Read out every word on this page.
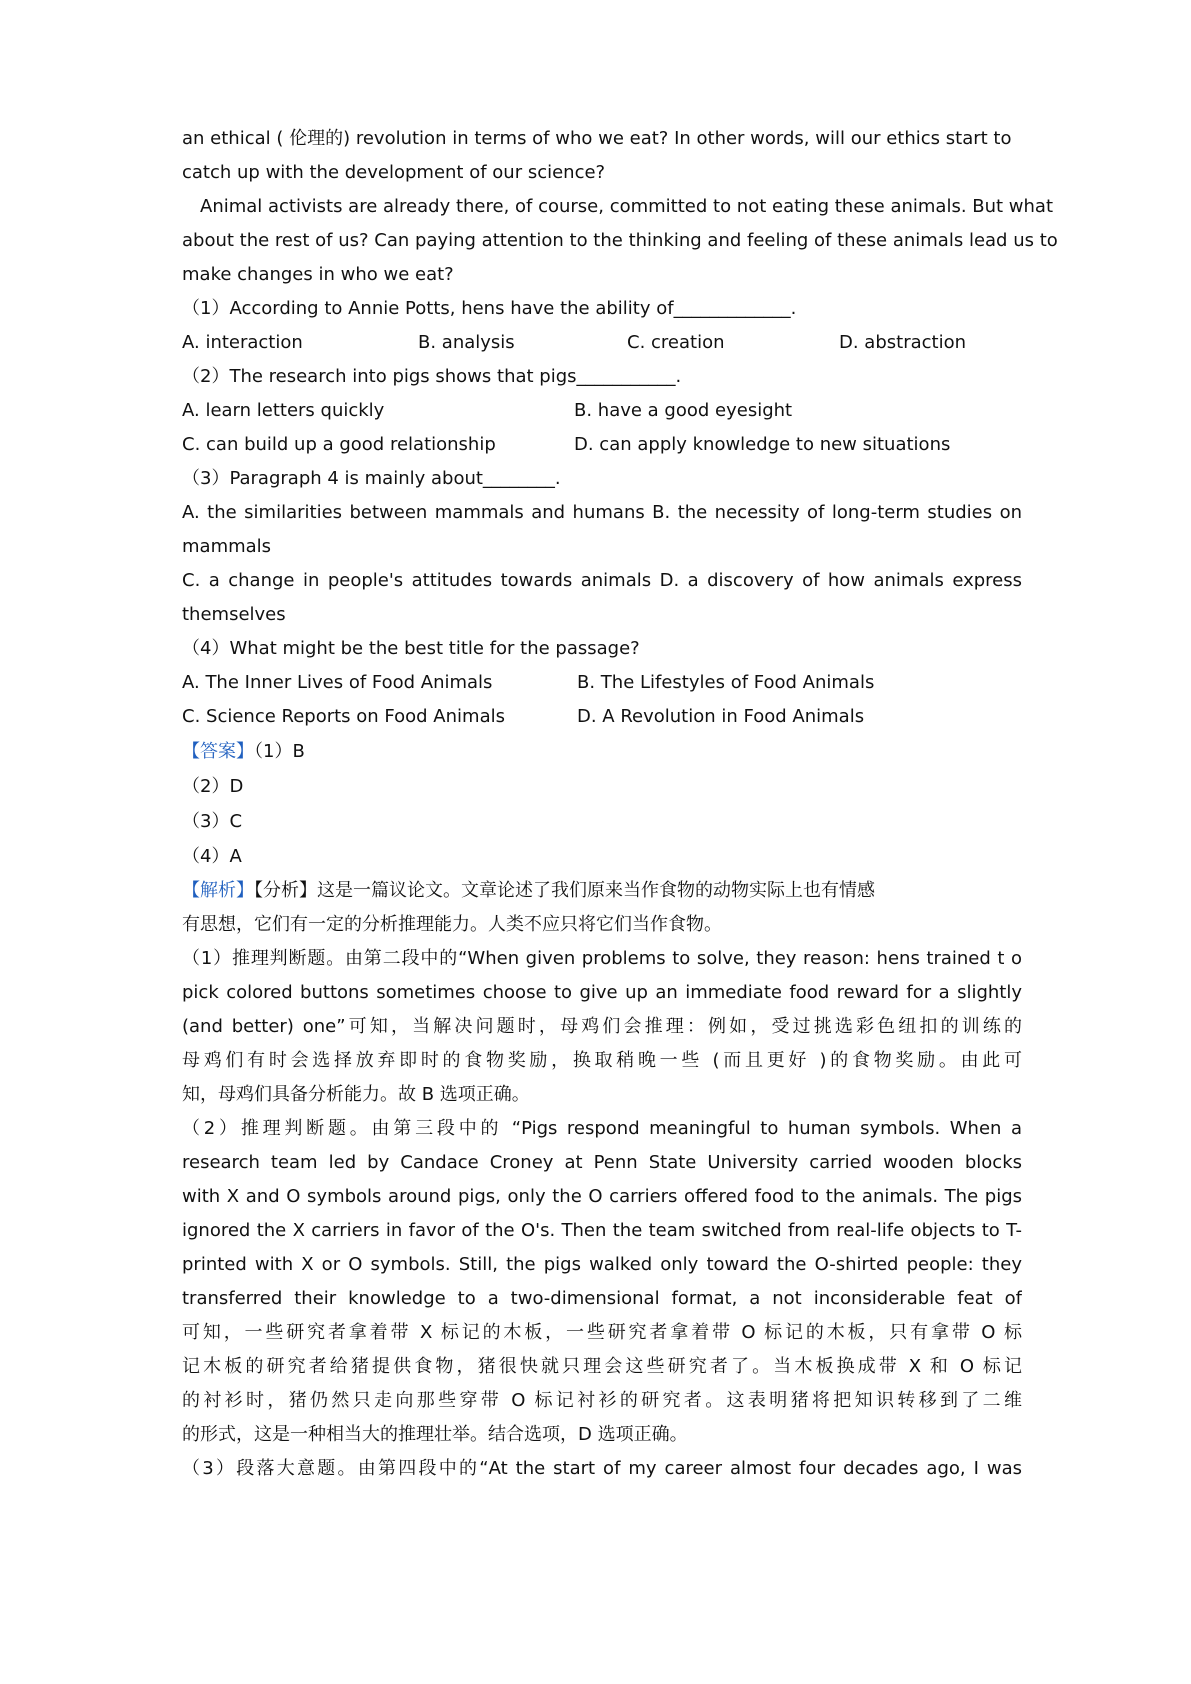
an ethical ( 伦理的) revolution in terms of who we eat? In other words, will our ethics start to
catch up with the development of our science?
Animal activists are already there, of course, committed to not eating these animals. But what
about the rest of us? Can paying attention to the thinking and feeling of these animals lead us to
make changes in who we eat?
（1）According to Annie Potts, hens have the ability of_____________.
A. interaction	B. analysis	C. creation	D. abstraction
（2）The research into pigs shows that pigs___________.
A. learn letters quickly	B. have a good eyesight
C. can build up a good relationship	D. can apply knowledge to new situations
（3）Paragraph 4 is mainly about________.
A. the similarities between mammals and humans B. the necessity of long-term studies on
mammals
C. a change in people's attitudes towards animals D. a discovery of how animals express
themselves
（4）What might be the best title for the passage?
A. The Inner Lives of Food Animals	B. The Lifestyles of Food Animals
C. Science Reports on Food Animals	D. A Revolution in Food Animals
【答案】（1）B
（2）D
（3）C
（4）A
【解析】【分析】这是一篇议论文。文章论述了我们原来当作食物的动物实际上也有情感
有思想，它们有一定的分析推理能力。人类不应只将它们当作食物。
（1）推理判断题。由第二段中的“When given problems to solve, they reason: hens trained t o
pick colored buttons sometimes choose to give up an immediate food reward for a slightly
(and better) one”可知，当解决问题时，母鸡们会推理：例如，受过挑选彩色纽扣的训练的
母鸡们有时会选择放弃即时的食物奖励，换取稍晚一些 (而且更好 )的食物奖励。由此可
知，母鸡们具备分析能力。故 B 选项正确。
（2）推理判断题。由第三段中的 “Pigs respond meaningful to human symbols. When a
research team led by Candace Croney at Penn State University carried wooden blocks
with X and O symbols around pigs, only the O carriers offered food to the animals. The pigs
ignored the X carriers in favor of the O's. Then the team switched from real-life objects to T-
printed with X or O symbols. Still, the pigs walked only toward the O-shirted people: they
transferred their knowledge to a two-dimensional format, a not inconsiderable feat of
可知，一些研究者拿着带 X 标记的木板，一些研究者拿着带 O 标记的木板，只有拿带 O 标
记木板的研究者给猪提供食物，猪很快就只理会这些研究者了。当木板换成带 X 和 O 标记
的衬衫时，猪仍然只走向那些穿带 O 标记衬衫的研究者。这表明猪将把知识转移到了二维
的形式，这是一种相当大的推理壮举。结合选项，D 选项正确。
（3）段落大意题。由第四段中的“At the start of my career almost four decades ago, I was
